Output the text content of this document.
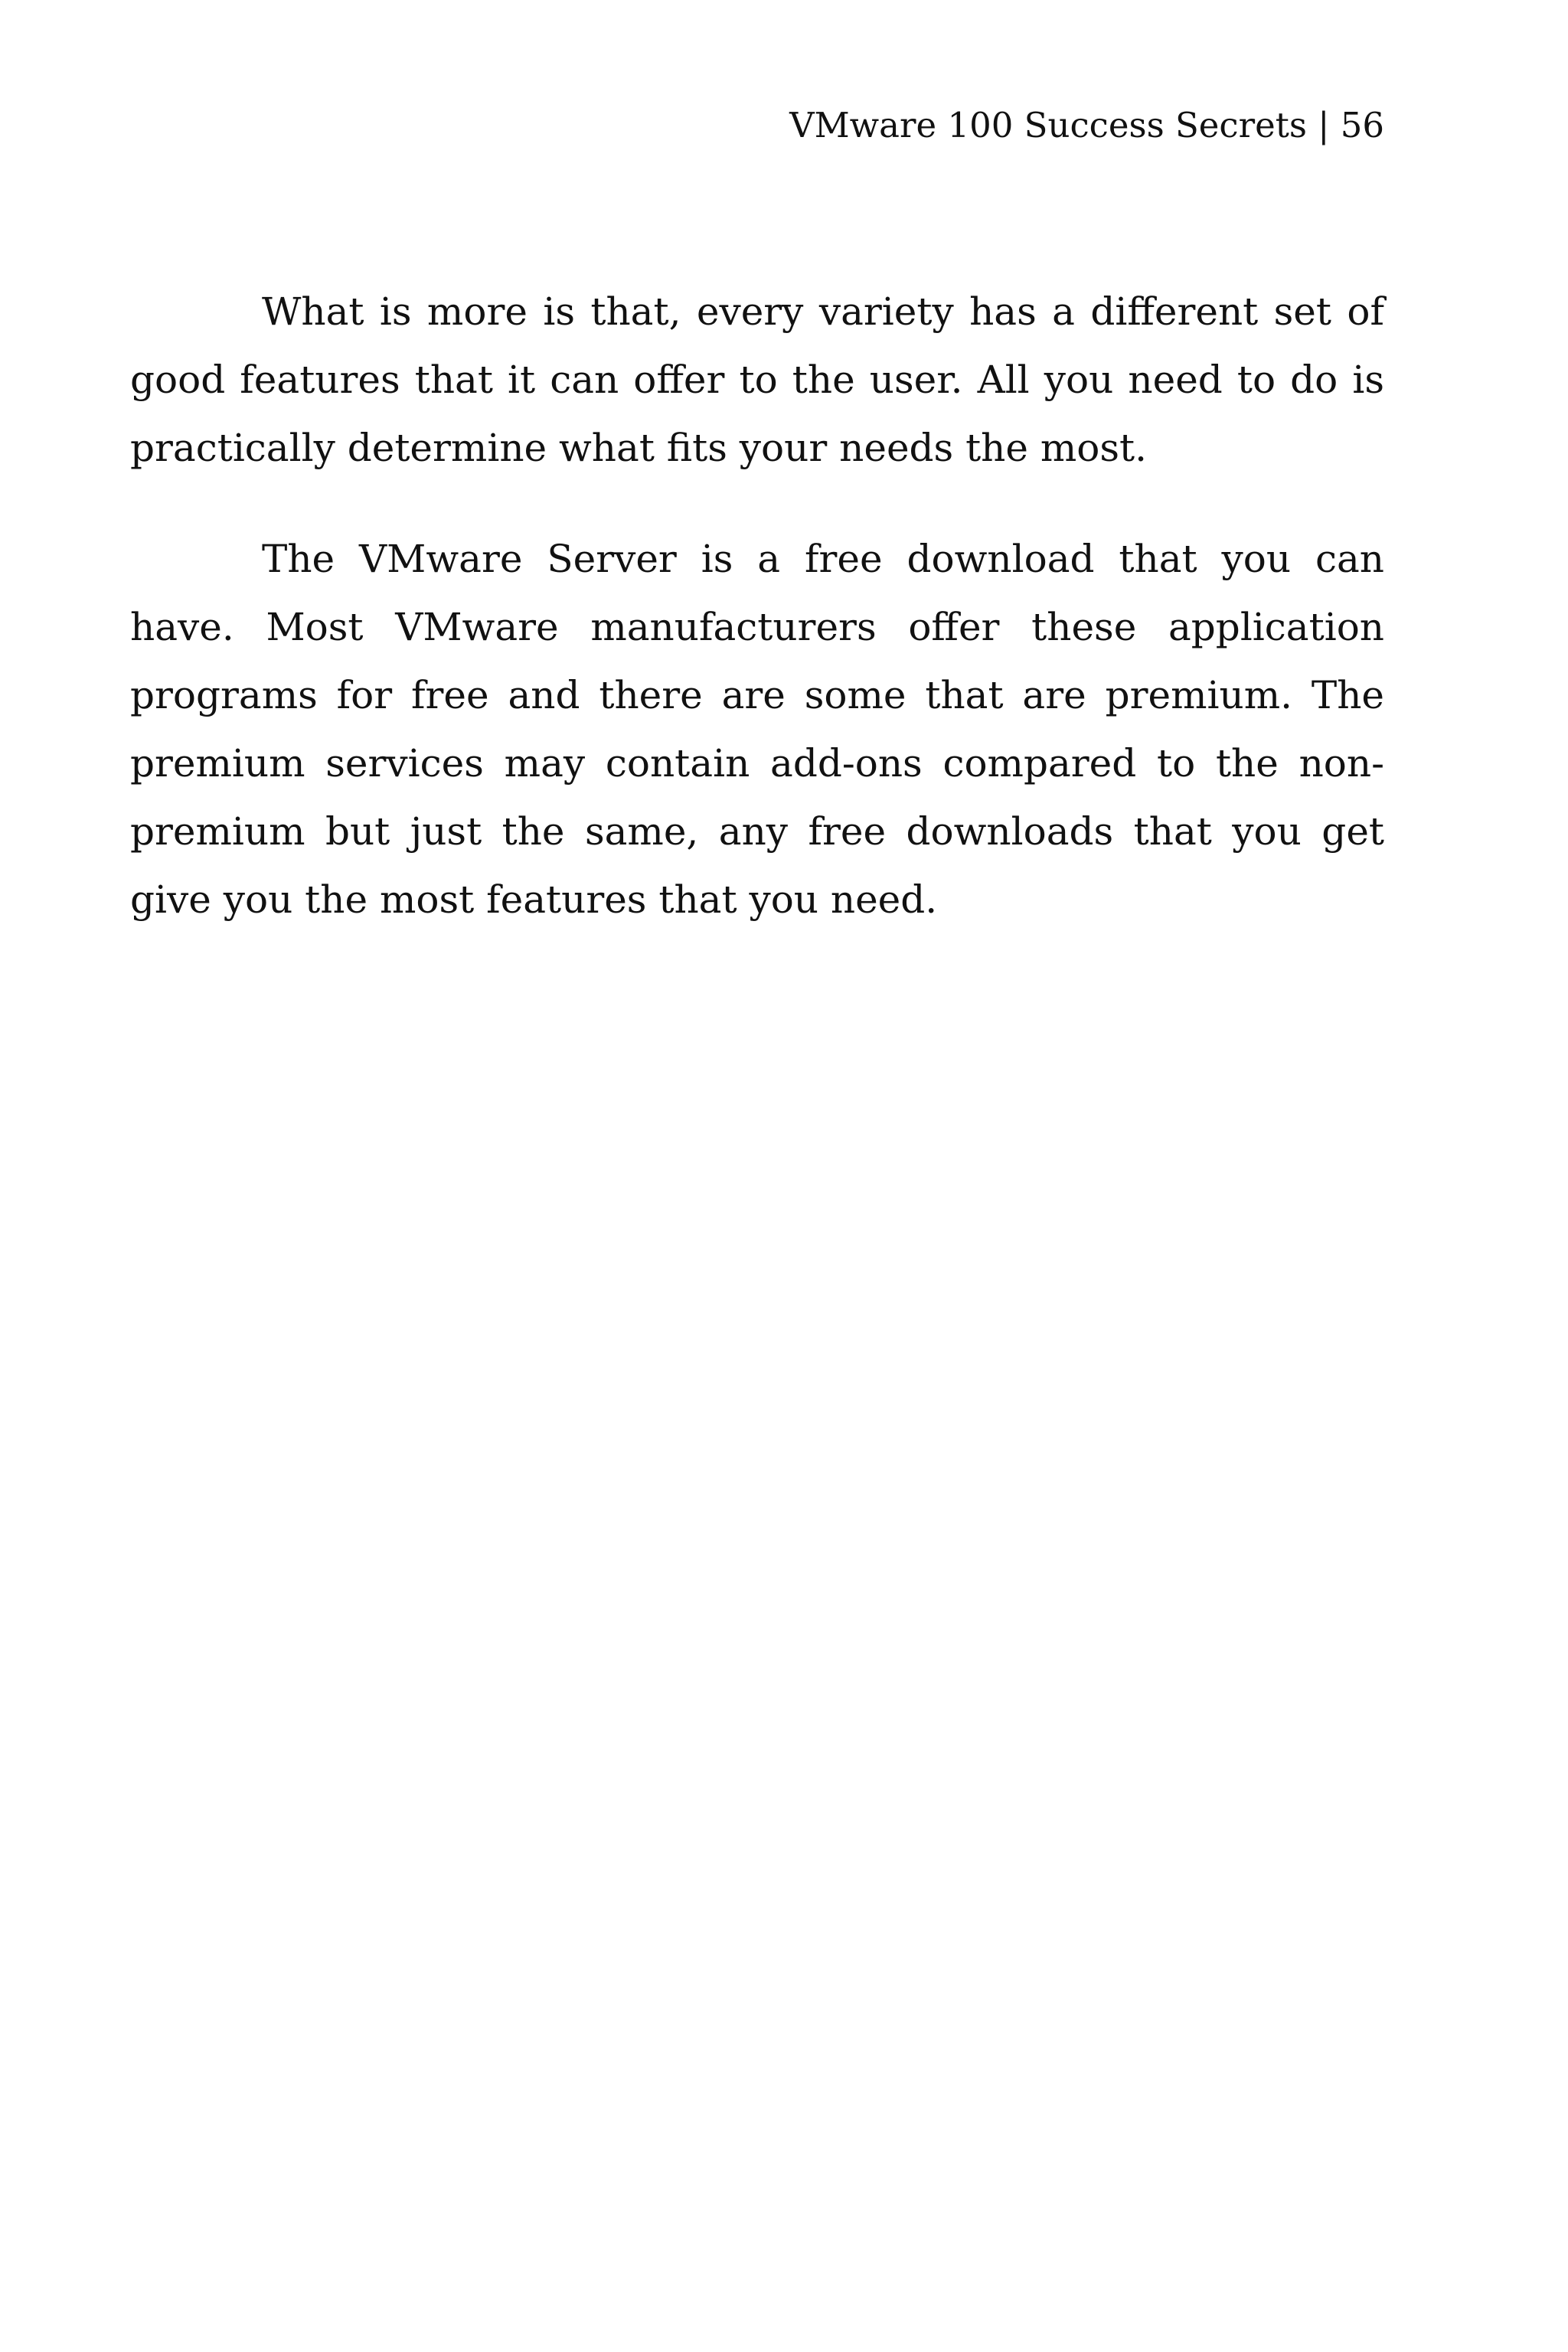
VMware 100 Success Secrets | 56

What is more is that, every variety has a different set of good features that it can offer to the user. All you need to do is practically determine what fits your needs the most.

The VMware Server is a free download that you can have. Most VMware manufacturers offer these application programs for free and there are some that are premium. The premium services may contain add-ons compared to the non-premium but just the same, any free downloads that you get give you the most features that you need.
